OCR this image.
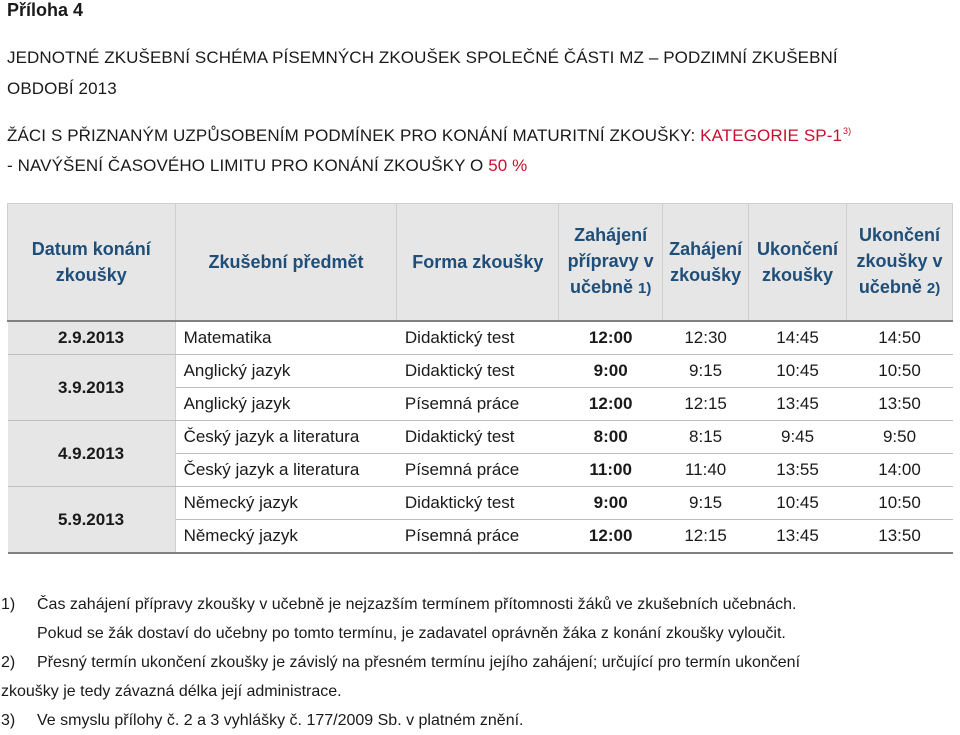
Příloha 4
JEDNOTNÉ ZKUŠEBNÍ SCHÉMA PÍSEMNÝCH ZKOUŠEK SPOLEČNÉ ČÁSTI MZ – PODZIMNÍ ZKUŠEBNÍ
OBDOBÍ 2013
ŽÁCI S PŘIZNANÝM UZPŮSOBENÍM PODMÍNEK PRO KONÁNÍ MATURITNÍ ZKOUŠKY: KATEGORIE SP-1$^{3)}$
- NAVÝŠENÍ ČASOVÉHO LIMITU PRO KONÁNÍ ZKOUŠKY O 50 %
Datum konání zkoušky	Zkušební předmět	Forma zkoušky	Zahájení přípravy v učebně 1)	Zahájení zkoušky	Ukončení zkoušky	Ukončení zkoušky v učebně 2)
2.9.2013	Matematika	Didaktický test	12:00	12:30	14:45	14:50
3.9.2013	Anglický jazyk	Didaktický test	9:00	9:15	10:45	10:50
	Anglický jazyk	Písemná práce	12:00	12:15	13:45	13:50
4.9.2013	Český jazyk a literatura	Didaktický test	8:00	8:15	9:45	9:50
	Český jazyk a literatura	Písemná práce	11:00	11:40	13:55	14:00
5.9.2013	Německý jazyk	Didaktický test	9:00	9:15	10:45	10:50
	Německý jazyk	Písemná práce	12:00	12:15	13:45	13:50
1)	Čas zahájení přípravy zkoušky v učebně je nejzazším termínem přítomnosti žáků ve zkušebních učebnách.
Pokud se žák dostaví do učebny po tomto termínu, je zadavatel oprávněn žáka z konání zkoušky vyloučit.
2)	Přesný termín ukončení zkoušky je závislý na přesném termínu jejího zahájení; určující pro termín ukončení
zkoušky je tedy závazná délka její administrace.
3)	Ve smyslu přílohy č. 2 a 3 vyhlášky č. 177/2009 Sb. v platném znění.
